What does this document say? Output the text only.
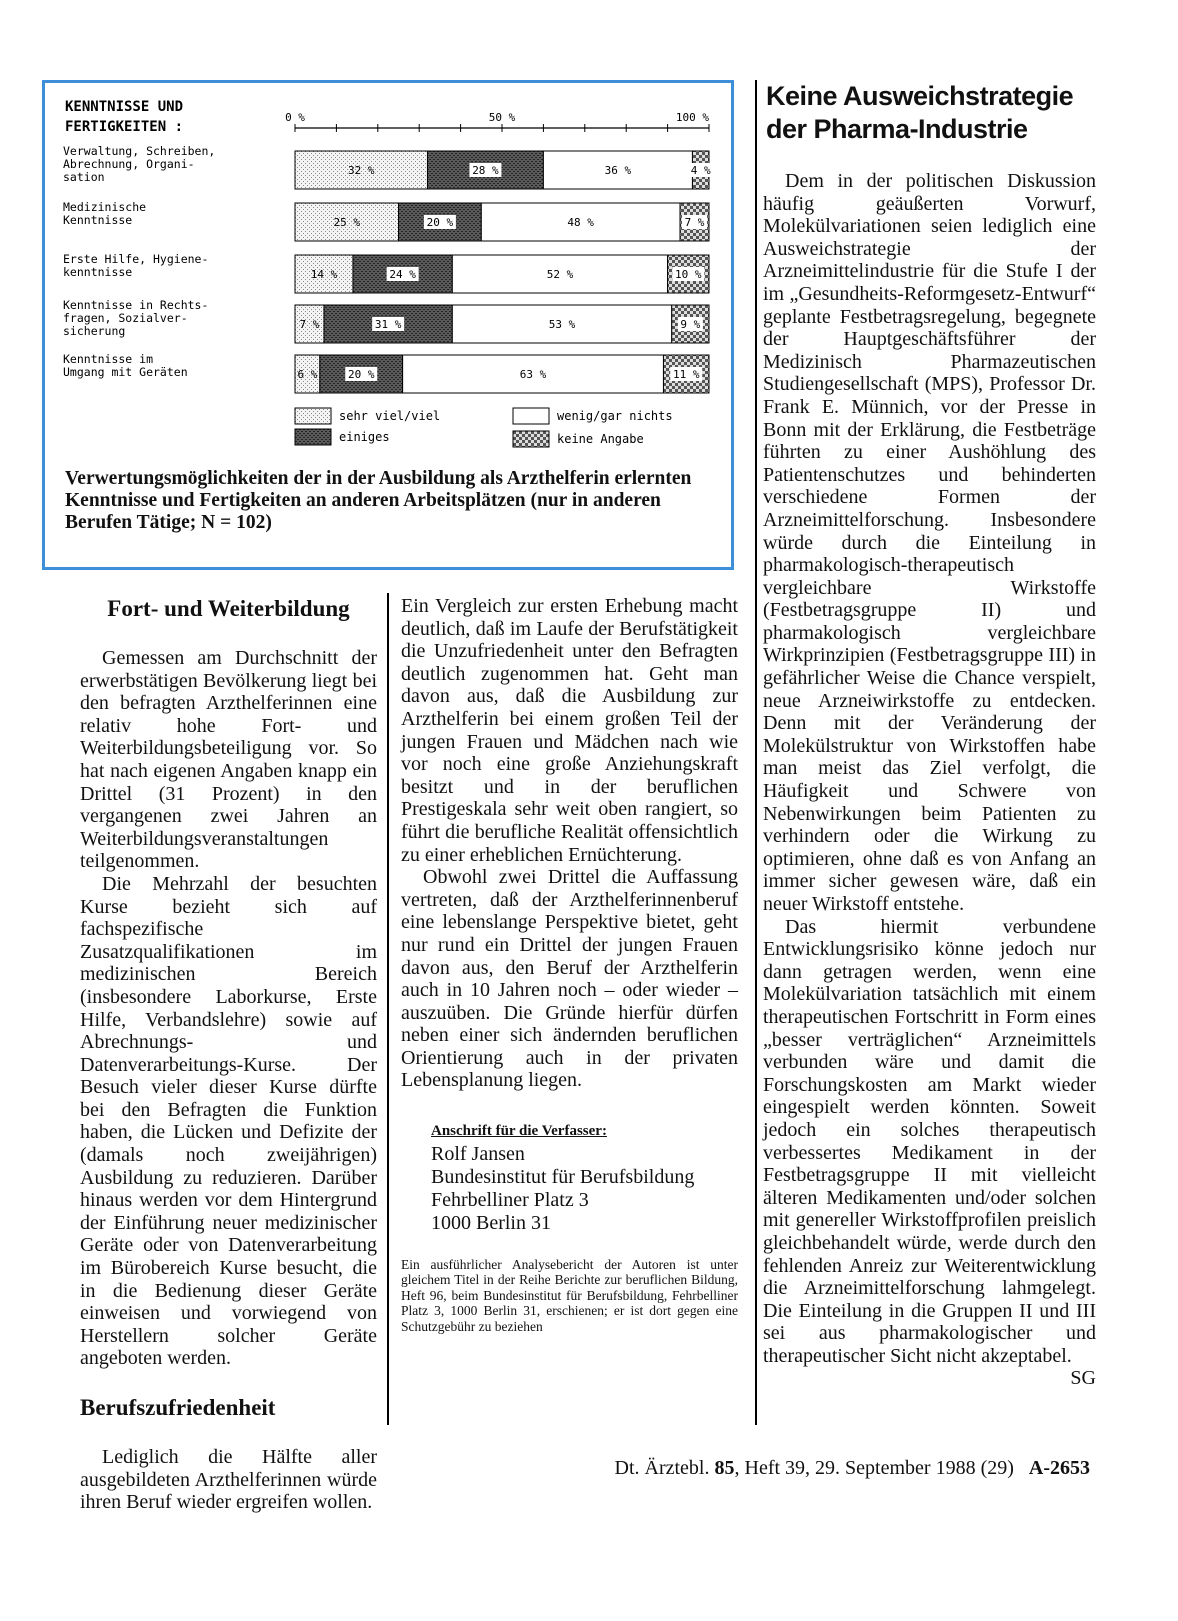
KENNTNISSE UND
FERTIGKEITEN :
0 %	50 %	100 %
Verwaltung, Schreiben,
Abrechnung, Organi-
sation
Medizinische
Kenntnisse
Erste Hilfe, Hygiene-
kenntnisse
Kenntnisse in Rechts-
fragen, Sozialver-
sicherung
Kenntnisse im
Umgang mit Geräten
32 %	28 %	36 %	4 %
25 %	20 %	48 %	7 %
14 %	24 %	52 %	10 %
7 %	31 %	53 %	9 %
6 %	20 %	63 %	11 %
sehr viel/viel
einiges
wenig/gar nichts
keine Angabe
Verwertungsmöglichkeiten der in der Ausbildung als Arzthelferin erlernten Kenntnisse und Fertigkeiten an anderen Arbeitsplätzen (nur in anderen Berufen Tätige; N = 102)
Keine Ausweichstrategie
der Pharma-Industrie

Dem in der politischen Diskussion häufig geäußerten Vorwurf, Molekülvariationen seien lediglich eine Ausweichstrategie der Arzneimittelindustrie für die Stufe I der im „Gesundheits-Reformgesetz-Entwurf“ geplante Festbetragsregelung, begegnete der Hauptgeschäftsführer der Medizinisch Pharmazeutischen Studiengesellschaft (MPS), Professor Dr. Frank E. Münnich, vor der Presse in Bonn mit der Erklärung, die Festbeträge führten zu einer Aushöhlung des Patientenschutzes und behinderten verschiedene Formen der Arzneimittelforschung. Insbesondere würde durch die Einteilung in pharmakologisch-therapeutisch vergleichbare Wirkstoffe (Festbetragsgruppe II) und pharmakologisch vergleichbare Wirkprinzipien (Festbetragsgruppe III) in gefährlicher Weise die Chance verspielt, neue Arzneiwirkstoffe zu entdecken. Denn mit der Veränderung der Molekülstruktur von Wirkstoffen habe man meist das Ziel verfolgt, die Häufigkeit und Schwere von Nebenwirkungen beim Patienten zu verhindern oder die Wirkung zu optimieren, ohne daß es von Anfang an immer sicher gewesen wäre, daß ein neuer Wirkstoff entstehe.

Das hiermit verbundene Entwicklungsrisiko könne jedoch nur dann getragen werden, wenn eine Molekülvariation tatsächlich mit einem therapeutischen Fortschritt in Form eines „besser verträglichen“ Arzneimittels verbunden wäre und damit die Forschungskosten am Markt wieder eingespielt werden könnten. Soweit jedoch ein solches therapeutisch verbessertes Medikament in der Festbetragsgruppe II mit vielleicht älteren Medikamenten und/oder solchen mit genereller Wirkstoffprofilen preislich gleichbehandelt würde, werde durch den fehlenden Anreiz zur Weiterentwicklung die Arzneimittelforschung lahmgelegt. Die Einteilung in die Gruppen II und III sei aus pharmakologischer und therapeutischer Sicht nicht akzeptabel.
SG

Fort- und Weiterbildung

Gemessen am Durchschnitt der erwerbstätigen Bevölkerung liegt bei den befragten Arzthelferinnen eine relativ hohe Fort- und Weiterbildungsbeteiligung vor. So hat nach eigenen Angaben knapp ein Drittel (31 Prozent) in den vergangenen zwei Jahren an Weiterbildungsveranstaltungen teilgenommen.

Die Mehrzahl der besuchten Kurse bezieht sich auf fachspezifische Zusatzqualifikationen im medizinischen Bereich (insbesondere Laborkurse, Erste Hilfe, Verbandslehre) sowie auf Abrechnungs- und Datenverarbeitungs-Kurse. Der Besuch vieler dieser Kurse dürfte bei den Befragten die Funktion haben, die Lücken und Defizite der (damals noch zweijährigen) Ausbildung zu reduzieren. Darüber hinaus werden vor dem Hintergrund der Einführung neuer medizinischer Geräte oder von Datenverarbeitung im Bürobereich Kurse besucht, die in die Bedienung dieser Geräte einweisen und vorwiegend von Herstellern solcher Geräte angeboten werden.

Berufszufriedenheit

Lediglich die Hälfte aller ausgebildeten Arzthelferinnen würde ihren Beruf wieder ergreifen wollen.

Ein Vergleich zur ersten Erhebung macht deutlich, daß im Laufe der Berufstätigkeit die Unzufriedenheit unter den Befragten deutlich zugenommen hat. Geht man davon aus, daß die Ausbildung zur Arzthelferin bei einem großen Teil der jungen Frauen und Mädchen nach wie vor noch eine große Anziehungskraft besitzt und in der beruflichen Prestigeskala sehr weit oben rangiert, so führt die berufliche Realität offensichtlich zu einer erheblichen Ernüchterung.

Obwohl zwei Drittel die Auffassung vertreten, daß der Arzthelferinnenberuf eine lebenslange Perspektive bietet, geht nur rund ein Drittel der jungen Frauen davon aus, den Beruf der Arzthelferin auch in 10 Jahren noch – oder wieder – auszuüben. Die Gründe hierfür dürfen neben einer sich ändernden beruflichen Orientierung auch in der privaten Lebensplanung liegen.

Anschrift für die Verfasser:
Rolf Jansen
Bundesinstitut für Berufsbildung
Fehrbelliner Platz 3
1000 Berlin 31
Ein ausführlicher Analysebericht der Autoren ist unter gleichem Titel in der Reihe Berichte zur beruflichen Bildung, Heft 96, beim Bundesinstitut für Berufsbildung, Fehrbelliner Platz 3, 1000 Berlin 31, erschienen; er ist dort gegen eine Schutzgebühr zu beziehen
Dt. Ärztebl. 85, Heft 39, 29. September 1988 (29) A-2653
